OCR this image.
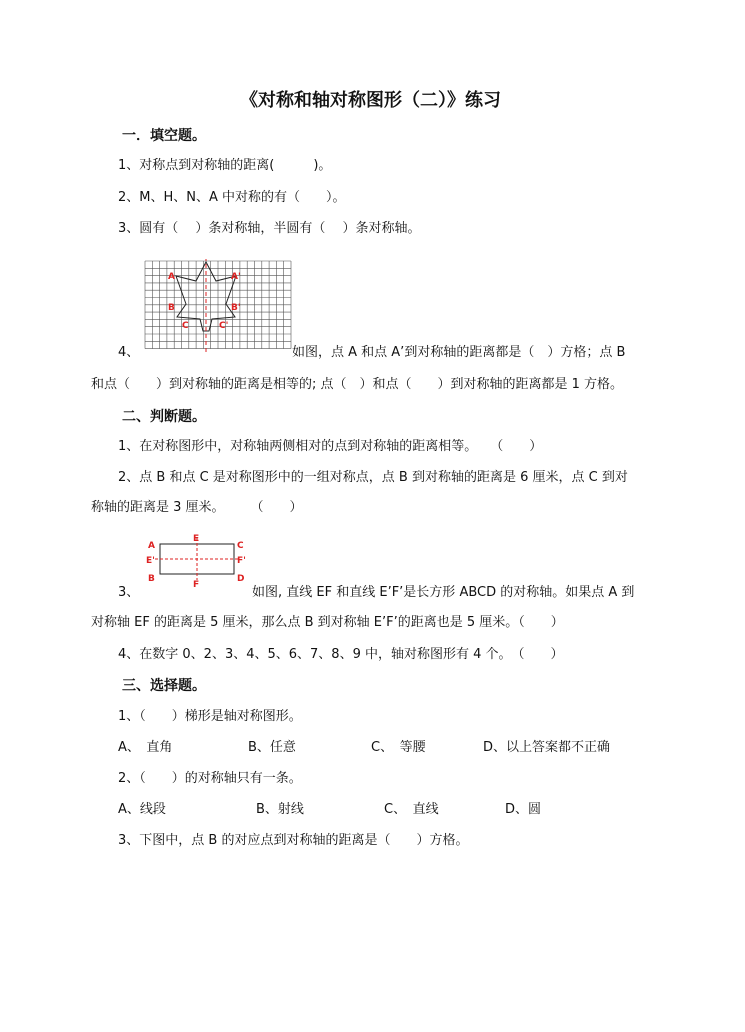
《对称和轴对称图形（二）》练习
一．填空题。
1、对称点到对称轴的距离(　　　)。
2、M、H、N、A 中对称的有（　　）。
3、圆有（　 ）条对称轴，半圆有（　 ）条对称轴。
A	A'
B	B'
C	C'
4、	如图，点 A 和点 A’到对称轴的距离都是（　）方格；点 B
和点（　　）到对称轴的距离是相等的; 点（　）和点（　　）到对称轴的距离都是 1 方格。
二、判断题。
1、在对称图形中，对称轴两侧相对的点到对称轴的距离相等。　　（　　）
2、点 B 和点 C 是对称图形中的一组对称点，点 B 到对称轴的距离是 6 厘米，点 C 到对
称轴的距离是 3 厘米。　　　（　　）
A
E
C
E'	F'
B
F
D
3、	如图, 直线 EF 和直线 E’F’是长方形 ABCD 的对称轴。如果点 A 到
对称轴 EF 的距离是 5 厘米，那么点 B 到对称轴 E’F’的距离也是 5 厘米。（　　）
4、在数字 0、2、3、4、5、6、7、8、9 中，轴对称图形有 4 个。　（　　）
三、选择题。
1、（　　）梯形是轴对称图形。
A、　直角	B、任意	C、　等腰	D、以上答案都不正确
2、（　　）的对称轴只有一条。
A、线段	B、射线	C、　直线	D、圆
3、下图中，点 B 的对应点到对称轴的距离是（　　）方格。
